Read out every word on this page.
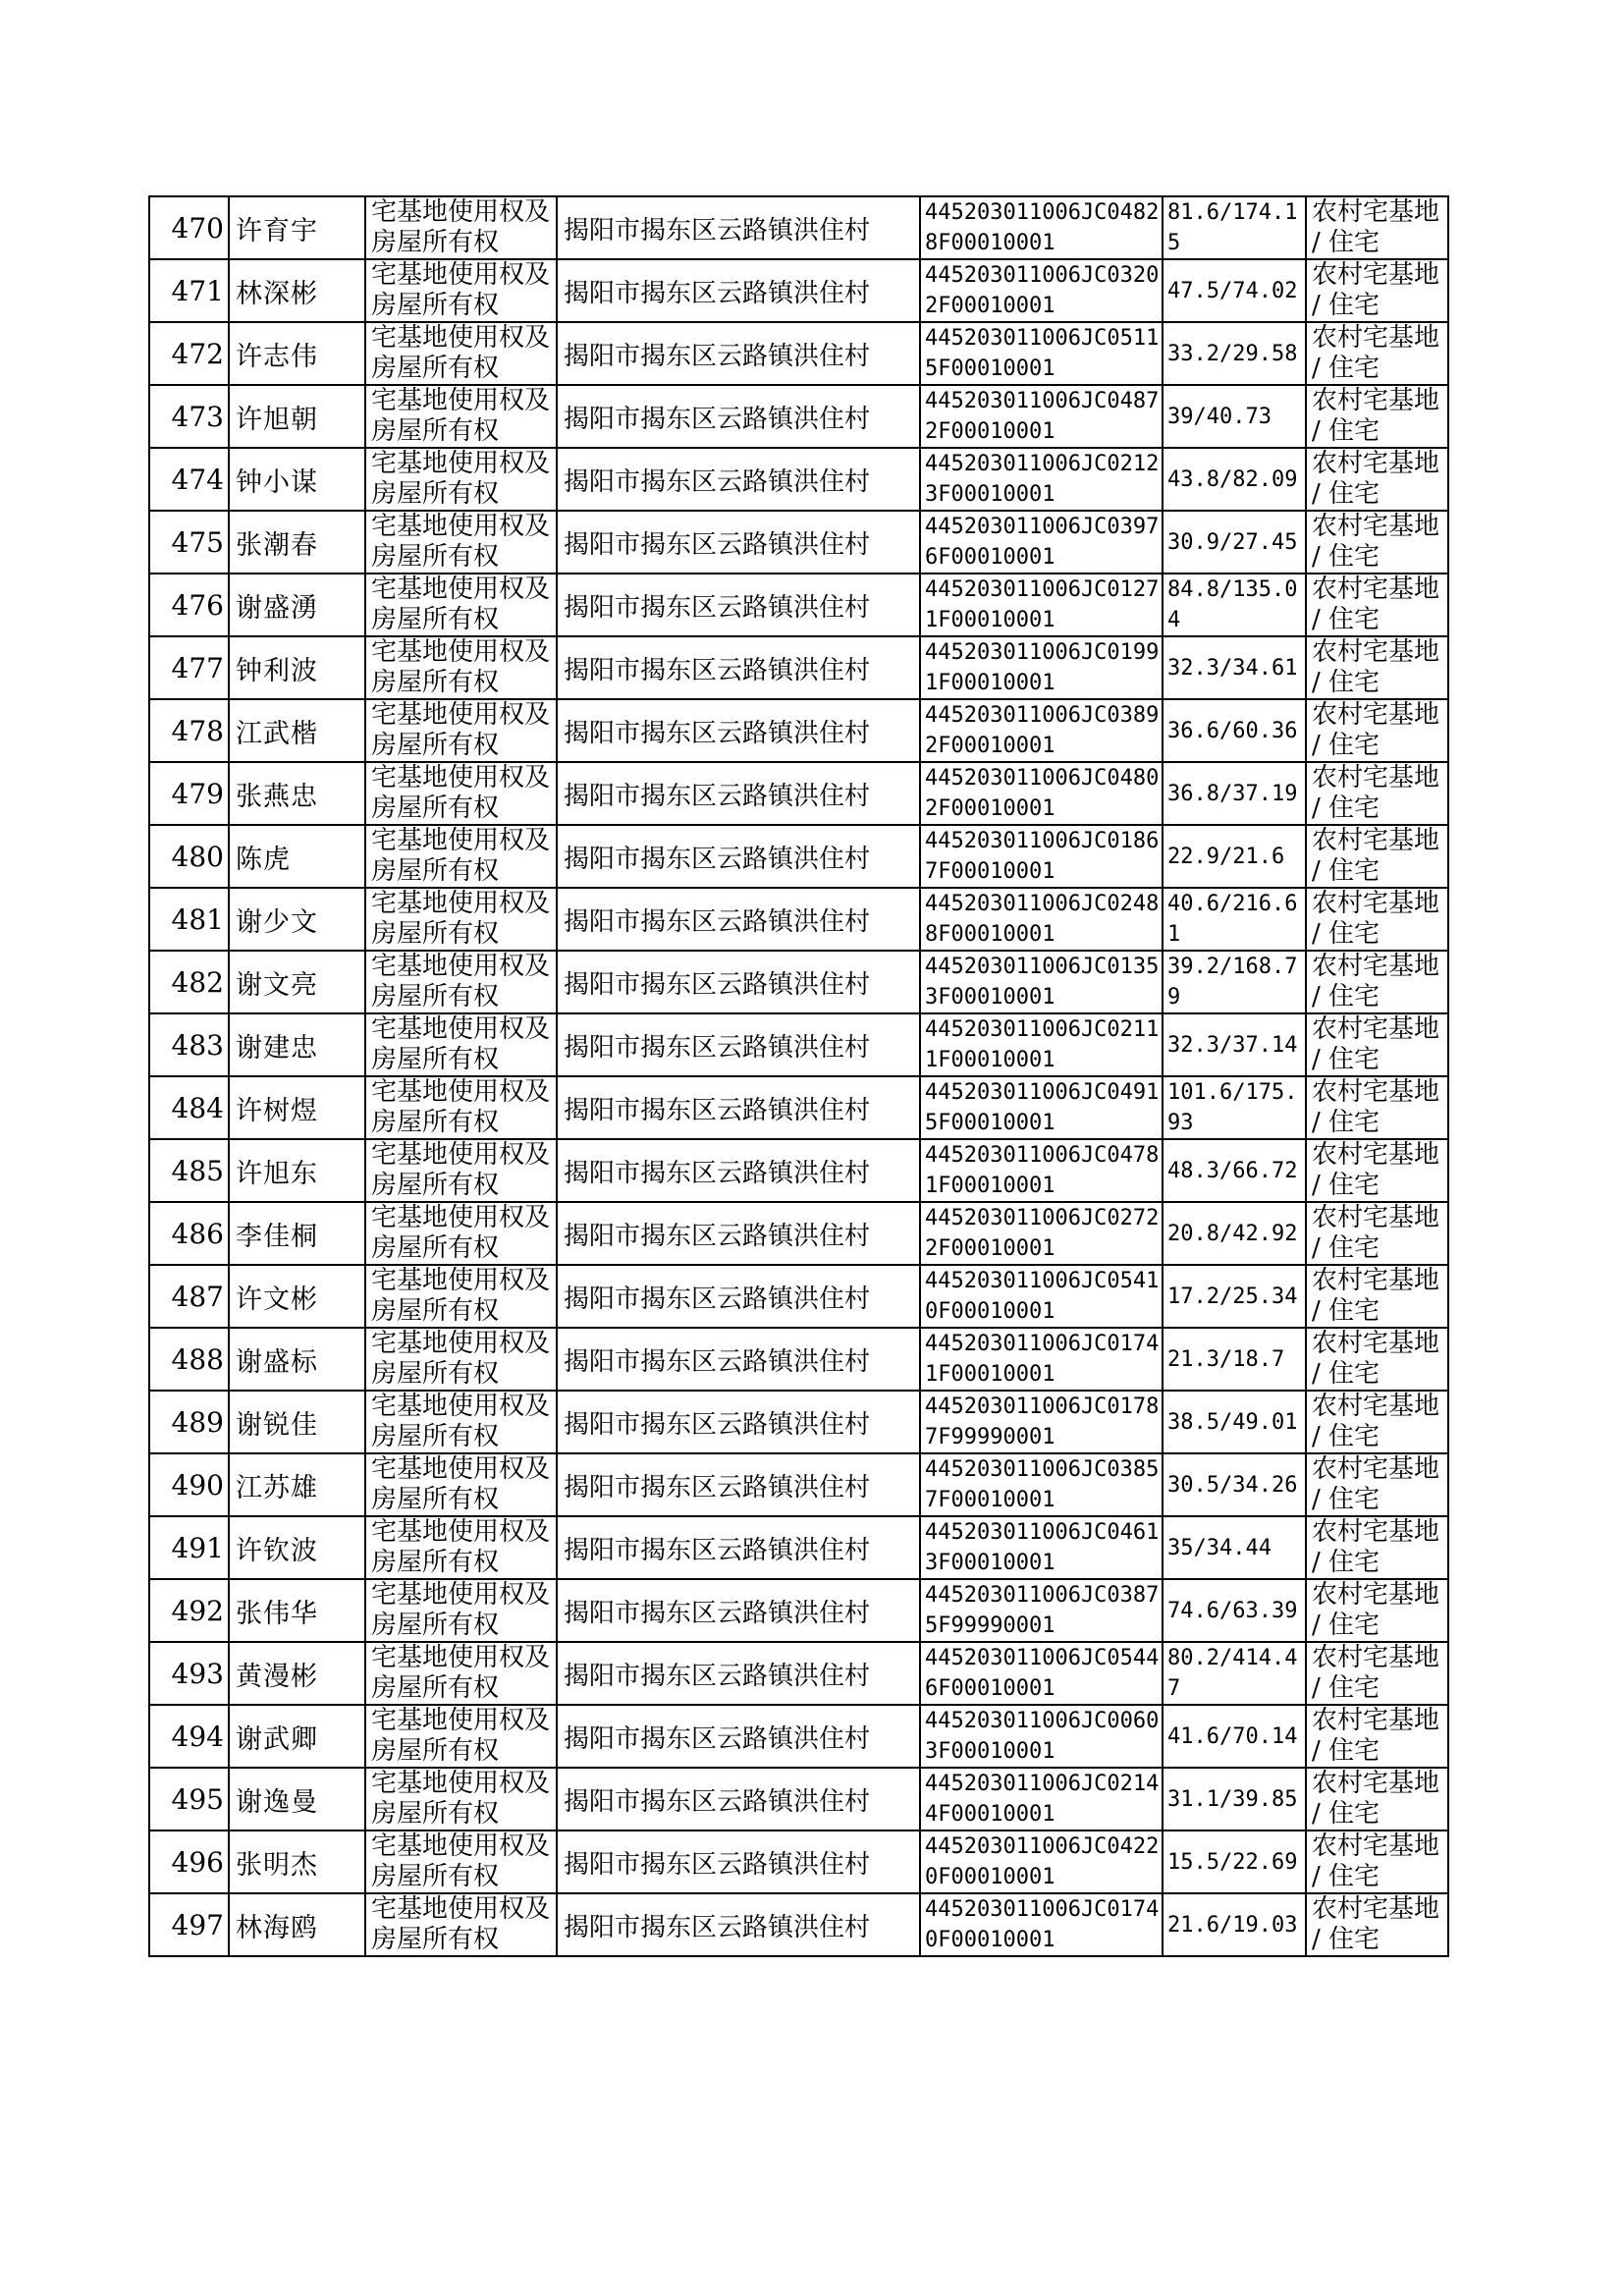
470	许育宇	宅基地使用权及房屋所有权	揭阳市揭东区云路镇洪住村	445203011006JC04828F00010001	81.6/174.15	农村宅基地 / 住宅
471	林深彬	宅基地使用权及房屋所有权	揭阳市揭东区云路镇洪住村	445203011006JC03202F00010001	47.5/74.02	农村宅基地 / 住宅
472	许志伟	宅基地使用权及房屋所有权	揭阳市揭东区云路镇洪住村	445203011006JC05115F00010001	33.2/29.58	农村宅基地 / 住宅
473	许旭朝	宅基地使用权及房屋所有权	揭阳市揭东区云路镇洪住村	445203011006JC04872F00010001	39/40.73	农村宅基地 / 住宅
474	钟小谋	宅基地使用权及房屋所有权	揭阳市揭东区云路镇洪住村	445203011006JC02123F00010001	43.8/82.09	农村宅基地 / 住宅
475	张潮春	宅基地使用权及房屋所有权	揭阳市揭东区云路镇洪住村	445203011006JC03976F00010001	30.9/27.45	农村宅基地 / 住宅
476	谢盛湧	宅基地使用权及房屋所有权	揭阳市揭东区云路镇洪住村	445203011006JC01271F00010001	84.8/135.04	农村宅基地 / 住宅
477	钟利波	宅基地使用权及房屋所有权	揭阳市揭东区云路镇洪住村	445203011006JC01991F00010001	32.3/34.61	农村宅基地 / 住宅
478	江武楷	宅基地使用权及房屋所有权	揭阳市揭东区云路镇洪住村	445203011006JC03892F00010001	36.6/60.36	农村宅基地 / 住宅
479	张燕忠	宅基地使用权及房屋所有权	揭阳市揭东区云路镇洪住村	445203011006JC04802F00010001	36.8/37.19	农村宅基地 / 住宅
480	陈虎	宅基地使用权及房屋所有权	揭阳市揭东区云路镇洪住村	445203011006JC01867F00010001	22.9/21.6	农村宅基地 / 住宅
481	谢少文	宅基地使用权及房屋所有权	揭阳市揭东区云路镇洪住村	445203011006JC02488F00010001	40.6/216.61	农村宅基地 / 住宅
482	谢文亮	宅基地使用权及房屋所有权	揭阳市揭东区云路镇洪住村	445203011006JC01353F00010001	39.2/168.79	农村宅基地 / 住宅
483	谢建忠	宅基地使用权及房屋所有权	揭阳市揭东区云路镇洪住村	445203011006JC02111F00010001	32.3/37.14	农村宅基地 / 住宅
484	许树煜	宅基地使用权及房屋所有权	揭阳市揭东区云路镇洪住村	445203011006JC04915F00010001	101.6/175.93	农村宅基地 / 住宅
485	许旭东	宅基地使用权及房屋所有权	揭阳市揭东区云路镇洪住村	445203011006JC04781F00010001	48.3/66.72	农村宅基地 / 住宅
486	李佳桐	宅基地使用权及房屋所有权	揭阳市揭东区云路镇洪住村	445203011006JC02722F00010001	20.8/42.92	农村宅基地 / 住宅
487	许文彬	宅基地使用权及房屋所有权	揭阳市揭东区云路镇洪住村	445203011006JC05410F00010001	17.2/25.34	农村宅基地 / 住宅
488	谢盛标	宅基地使用权及房屋所有权	揭阳市揭东区云路镇洪住村	445203011006JC01741F00010001	21.3/18.7	农村宅基地 / 住宅
489	谢锐佳	宅基地使用权及房屋所有权	揭阳市揭东区云路镇洪住村	445203011006JC01787F99990001	38.5/49.01	农村宅基地 / 住宅
490	江苏雄	宅基地使用权及房屋所有权	揭阳市揭东区云路镇洪住村	445203011006JC03857F00010001	30.5/34.26	农村宅基地 / 住宅
491	许钦波	宅基地使用权及房屋所有权	揭阳市揭东区云路镇洪住村	445203011006JC04613F00010001	35/34.44	农村宅基地 / 住宅
492	张伟华	宅基地使用权及房屋所有权	揭阳市揭东区云路镇洪住村	445203011006JC03875F99990001	74.6/63.39	农村宅基地 / 住宅
493	黄漫彬	宅基地使用权及房屋所有权	揭阳市揭东区云路镇洪住村	445203011006JC05446F00010001	80.2/414.47	农村宅基地 / 住宅
494	谢武卿	宅基地使用权及房屋所有权	揭阳市揭东区云路镇洪住村	445203011006JC00603F00010001	41.6/70.14	农村宅基地 / 住宅
495	谢逸曼	宅基地使用权及房屋所有权	揭阳市揭东区云路镇洪住村	445203011006JC02144F00010001	31.1/39.85	农村宅基地 / 住宅
496	张明杰	宅基地使用权及房屋所有权	揭阳市揭东区云路镇洪住村	445203011006JC04220F00010001	15.5/22.69	农村宅基地 / 住宅
497	林海鸥	宅基地使用权及房屋所有权	揭阳市揭东区云路镇洪住村	445203011006JC01740F00010001	21.6/19.03	农村宅基地 / 住宅
